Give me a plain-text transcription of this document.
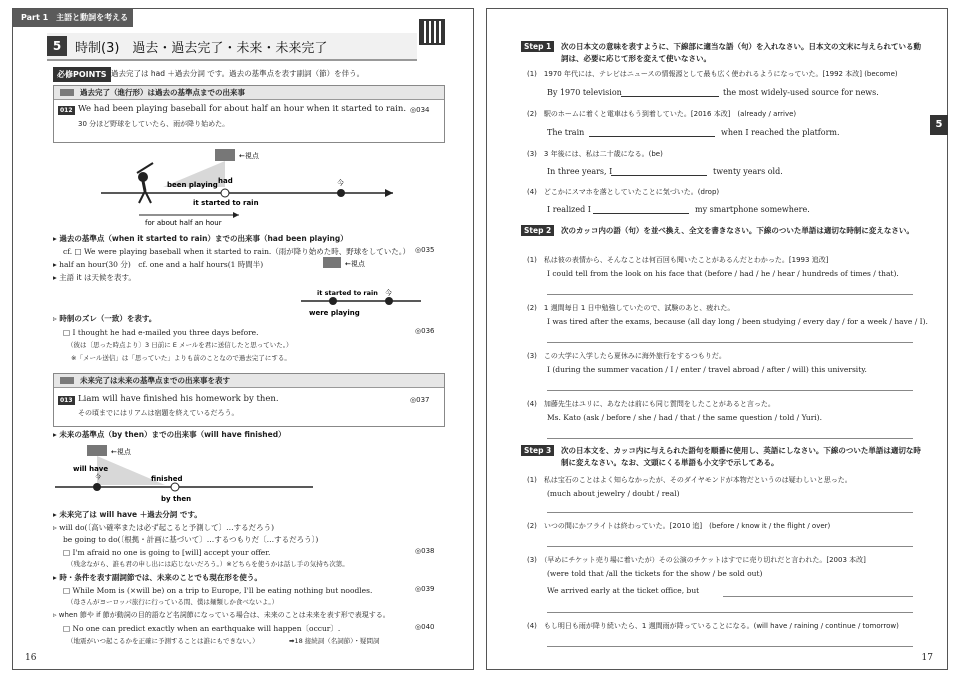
Part 1　主語と動詞を考える
5	時制(3)　過去・過去完了・未来・未来完了
必修POINTS 過去完了は had ＋過去分詞 です。過去の基準点を表す副詞（節）を伴う。
過去完了（進行形）は過去の基準点までの出来事
012 We had been playing baseball for about half an hour when it started to rain.
30 分ほど野球をしていたら、雨が降り始めた。
◎034
←視点
been playing had	今
it started to rain
for about half an hour
▸ 過去の基準点（when it started to rain）までの出来事（had been playing）
cf. □ We were playing baseball when it started to rain.（雨が降り始めた時、野球をしていた。） ◎035
▸ half an hour(30 分)　cf. one and a half hours(1 時間半)
▸ 主語 it は天候を表す。
←視点
it started to rain 今
were playing
▹ 時制のズレ（一致）を表す。
□ I thought he had e-mailed you three days before.	◎036
（彼は〔思った時点より〕3 日前に E メールを君に送信したと思っていた。）
※「メール送信」は「思っていた」よりも前のことなので過去完了にする。
未来完了は未来の基準点までの出来事を表す
013 Liam will have finished his homework by then.
その頃までにはリアムは宿題を終えているだろう。
◎037
▸ 未来の基準点（by then）までの出来事（will have finished）
←視点
will have
今	finished
by then
▸ 未来完了は will have ＋過去分詞 です。
▹ will do(〔高い確率または必ず起こると予測して〕…するだろう)
be going to do(〔根拠・計画に基づいて〕…するつもりだ〔…するだろう〕)
□ I'm afraid no one is going to [will] accept your offer.	◎038
（残念ながら、誰も君の申し出には応じないだろう。）※どちらを使うかは話し手の気持ち次第。
▸ 時・条件を表す副詞節では、未来のことでも現在形を使う。
□ While Mom is (×will be) on a trip to Europe, I'll be eating nothing but noodles.	◎039
（母さんがヨーロッパ旅行に行っている間、僕は麺類しか食べないよ。）
▹ when 節や if 節が動詞の目的語など名詞節になっている場合は、未来のことは未来を表す形で表現する。
□ No one can predict exactly when an earthquake will happen〔occur〕.	◎040
（地震がいつ起こるかを正確に予測することは誰にもできない。）	➡18 接続詞（名詞節）・疑問詞
16
Step 1	次の日本文の意味を表すように、下線部に適当な語（句）を入れなさい。日本文の文末に与えられている動詞は、必要に応じて形を変えて使いなさい。
(1)　 1970 年代には、テレビはニュースの情報源として最も広く使われるようになっていた。[1992 本改] (become)
By 1970 television	the most widely-used source for news.
(2)　 駅のホームに着くと電車はもう到着していた。[2016 本改]　(already / arrive)
The train	when I reached the platform.
(3)　 3 年後には、私は二十歳になる。(be)
In three years, I	twenty years old.
(4)　 どこかにスマホを落としていたことに気づいた。(drop)
I realized I	my smartphone somewhere.
Step 2	次のカッコ内の語（句）を並べ換え、全文を書きなさい。下線のついた単語は適切な時制に変えなさい。
(1)　 私は彼の表情から、そんなことは何百回も聞いたことがあるんだとわかった。[1993 追改]
I could tell from the look on his face that (before / had / he / hear / hundreds of times / that).
(2)　 1 週間毎日 1 日中勉強していたので、試験のあと、疲れた。
I was tired after the exams, because (all day long / been studying / every day / for a week / have / I).
(3)　 この大学に入学したら夏休みに海外旅行をするつもりだ。
I (during the summer vacation / I / enter / travel abroad / after / will) this university.
(4)　 加藤先生はユリに、あなたは前にも同じ質問をしたことがあると言った。
Ms. Kato (ask / before / she / had / that / the same question / told / Yuri).
Step 3	次の日本文を、カッコ内に与えられた語句を順番に使用し、英語にしなさい。下線のついた単語は適切な時制に変えなさい。なお、文頭にくる単語も小文字で示してある。
(1)　 私は宝石のことはよく知らなかったが、そのダイヤモンドが本物だというのは疑わしいと思った。
(much about jewelry / doubt / real)
(2)　 いつの間にかフライトは終わっていた。[2010 追]　(before / know it / the flight / over)
(3)　 （早めにチケット売り場に着いたが）その公演のチケットはすでに売り切れだと言われた。[2003 本改]
(were told that /all the tickets for the show / be sold out)
We arrived early at the ticket office, but
(4)　 もし明日も雨が降り続いたら、1 週間雨が降っていることになる。(will have / raining / continue / tomorrow)
17
5
